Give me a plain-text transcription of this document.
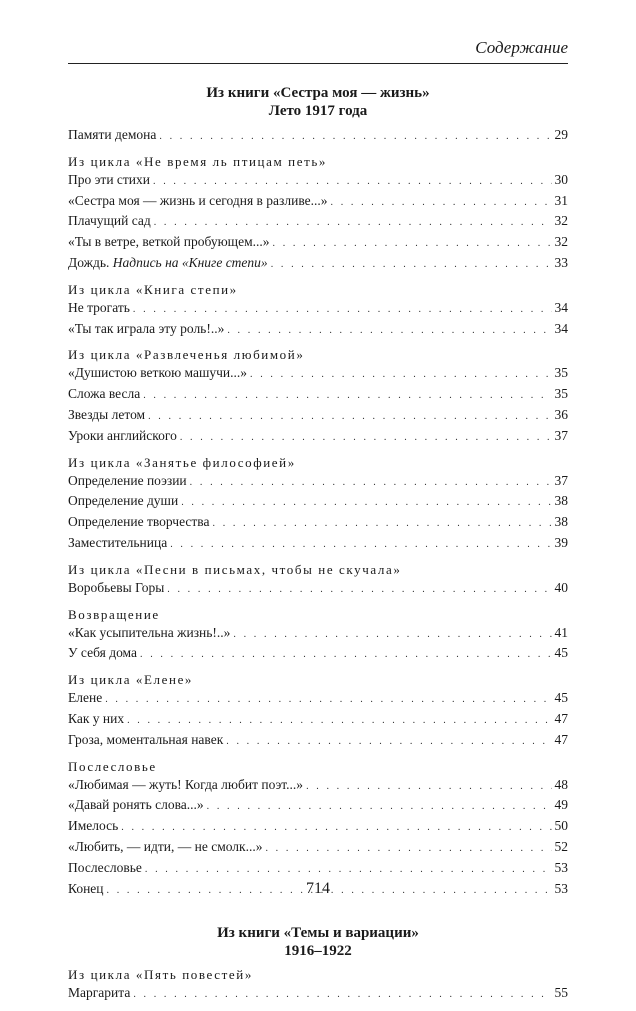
Содержание
Из книги «Сестра моя — жизнь»
Лето 1917 года
Памяти демона . . .	29
Из цикла «Не время ль птицам петь»
Про эти стихи . . .	30
«Сестра моя — жизнь и сегодня в разливе...» . . .	31
Плачущий сад . . .	32
«Ты в ветре, веткой пробующем...» . . .	32
Дождь. Надпись на «Книге степи» . . .	33
Из цикла «Книга степи»
Не трогать . . .	34
«Ты так играла эту роль!..» . . .	34
Из цикла «Развлеченья любимой»
«Душистою веткою машучи...» . . .	35
Сложа весла . . .	35
Звезды летом . . .	36
Уроки английского . . .	37
Из цикла «Занятье философией»
Определение поэзии . . .	37
Определение души . . .	38
Определение творчества . . .	38
Заместительница . . .	39
Из цикла «Песни в письмах, чтобы не скучала»
Воробьевы Горы . . .	40
Возвращение
«Как усыпительна жизнь!..» . . .	41
У себя дома . . .	45
Из цикла «Елене»
Елене . . .	45
Как у них . . .	47
Гроза, моментальная навек . . .	47
Послесловье
«Любимая — жуть! Когда любит поэт...» . . .	48
«Давай ронять слова...» . . .	49
Имелось . . .	50
«Любить, — идти, — не смолк...» . . .	52
Послесловье . . .	53
Конец . . .	53
Из книги «Темы и вариации»
1916–1922
Из цикла «Пять повестей»
Маргарита . . .	55
714
